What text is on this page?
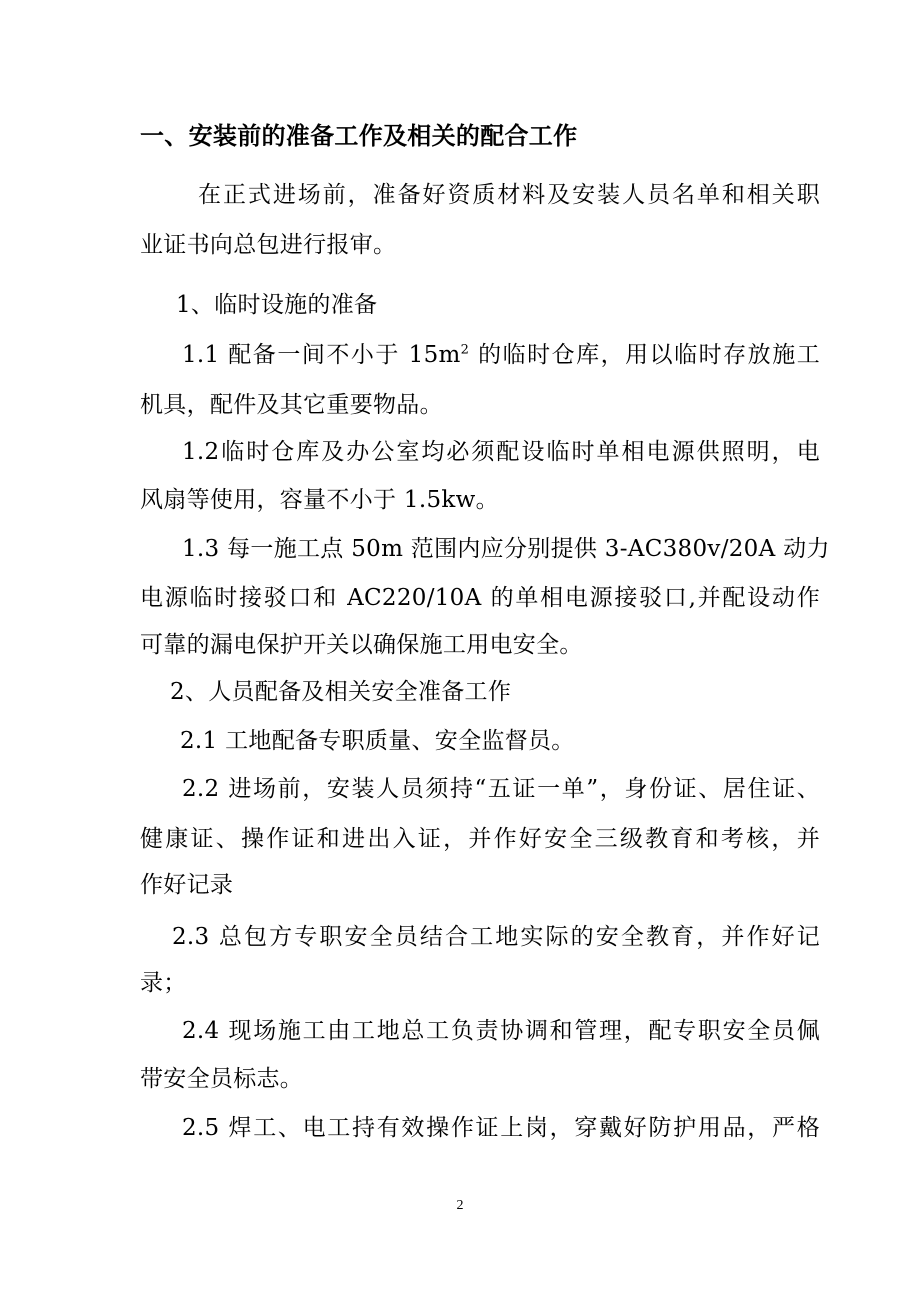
一、安装前的准备工作及相关的配合工作
在正式进场前，准备好资质材料及安装人员名单和相关职
业证书向总包进行报审。
1、临时设施的准备
1.1 配备一间不小于 $15m^2$ 的临时仓库，用以临时存放施工
机具，配件及其它重要物品。
1.2临时仓库及办公室均必须配设临时单相电源供照明，电
风扇等使用，容量不小于 1.5kw。
1.3 每一施工点 50m 范围内应分别提供 3-AC380v/20A 动力
电源临时接驳口和 AC220/10A 的单相电源接驳口,并配设动作
可靠的漏电保护开关以确保施工用电安全。
2、人员配备及相关安全准备工作
2.1 工地配备专职质量、安全监督员。
2.2 进场前，安装人员须持“五证一单”，身份证、居住证、
健康证、操作证和进出入证，并作好安全三级教育和考核，并
作好记录
2.3 总包方专职安全员结合工地实际的安全教育，并作好记
录；
2.4 现场施工由工地总工负责协调和管理，配专职安全员佩
带安全员标志。
2.5 焊工、电工持有效操作证上岗，穿戴好防护用品，严格
2
